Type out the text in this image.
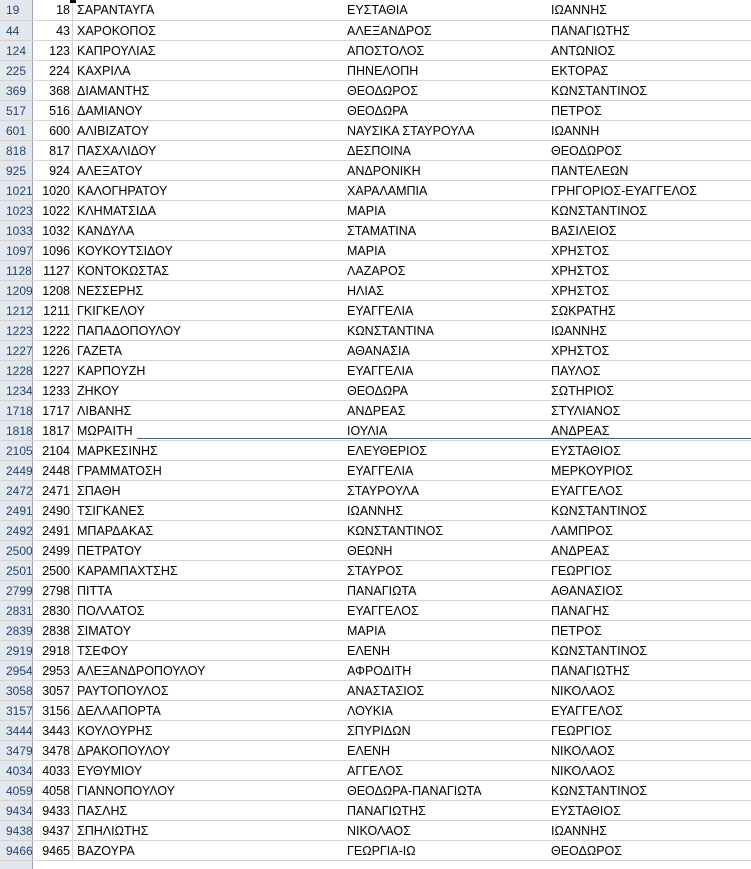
19	18 ΣΑΡΑΝΤΑΥΓΑ	ΕΥΣΤΑΘΙΑ	ΙΩΑΝΝΗΣ
44	43 ΧΑΡΟΚΟΠΟΣ	ΑΛΕΞΑΝΔΡΟΣ	ΠΑΝΑΓΙΩΤΗΣ
124	123 ΚΑΠΡΟΥΛΙΑΣ	ΑΠΟΣΤΟΛΟΣ	ΑΝΤΩΝΙΟΣ
225	224 ΚΑΧΡΙΛΑ	ΠΗΝΕΛΟΠΗ	ΕΚΤΟΡΑΣ
369	368 ΔΙΑΜΑΝΤΗΣ	ΘΕΟΔΩΡΟΣ	ΚΩΝΣΤΑΝΤΙΝΟΣ
517	516 ΔΑΜΙΑΝΟΥ	ΘΕΟΔΩΡΑ	ΠΕΤΡΟΣ
601	600 ΑΛΙΒΙΖΑΤΟΥ	ΝΑΥΣΙΚΑ ΣΤΑΥΡΟΥΛΑ	ΙΩΑΝΝΗ
818	817 ΠΑΣΧΑΛΙΔΟΥ	ΔΕΣΠΟΙΝΑ	ΘΕΟΔΩΡΟΣ
925	924 ΑΛΕΞΑΤΟΥ	ΑΝΔΡΟΝΙΚΗ	ΠΑΝΤΕΛΕΩΝ
1021 1020 ΚΑΛΟΓΗΡΑΤΟΥ	ΧΑΡΑΛΑΜΠΙΑ	ΓΡΗΓΟΡΙΟΣ-ΕΥΑΓΓΕΛΟΣ
1023 1022 ΚΛΗΜΑΤΣΙΔΑ	ΜΑΡΙΑ	ΚΩΝΣΤΑΝΤΙΝΟΣ
1033 1032 ΚΑΝΔΥΛΑ	ΣΤΑΜΑΤΙΝΑ	ΒΑΣΙΛΕΙΟΣ
1097 1096 ΚΟΥΚΟΥΤΣΙΔΟΥ	ΜΑΡΙΑ	ΧΡΗΣΤΟΣ
1128 1127 ΚΟΝΤΟΚΩΣΤΑΣ	ΛΑΖΑΡΟΣ	ΧΡΗΣΤΟΣ
1209 1208 ΝΕΣΣΕΡΗΣ	ΗΛΙΑΣ	ΧΡΗΣΤΟΣ
1212 1211 ΓΚΙΓΚΕΛΟΥ	ΕΥΑΓΓΕΛΙΑ	ΣΩΚΡΑΤΗΣ
1223 1222 ΠΑΠΑΔΟΠΟΥΛΟΥ	ΚΩΝΣΤΑΝΤΙΝΑ	ΙΩΑΝΝΗΣ
1227 1226 ΓΑΖΕΤΑ	ΑΘΑΝΑΣΙΑ	ΧΡΗΣΤΟΣ
1228 1227 ΚΑΡΠΟΥΖΗ	ΕΥΑΓΓΕΛΙΑ	ΠΑΥΛΟΣ
1234 1233 ΖΗΚΟΥ	ΘΕΟΔΩΡΑ	ΣΩΤΗΡΙΟΣ
1718 1717 ΛΙΒΑΝΗΣ	ΑΝΔΡΕΑΣ	ΣΤΥΛΙΑΝΟΣ
1818 1817 ΜΩΡΑΙΤΗ	ΙΟΥΛΙΑ	ΑΝΔΡΕΑΣ
2105 2104 ΜΑΡΚΕΣΙΝΗΣ	ΕΛΕΥΘΕΡΙΟΣ	ΕΥΣΤΑΘΙΟΣ
2449 2448 ΓΡΑΜΜΑΤΟΣΗ	ΕΥΑΓΓΕΛΙΑ	ΜΕΡΚΟΥΡΙΟΣ
2472 2471 ΣΠΑΘΗ	ΣΤΑΥΡΟΥΛΑ	ΕΥΑΓΓΕΛΟΣ
2491 2490 ΤΣΙΓΚΑΝΕΣ	ΙΩΑΝΝΗΣ	ΚΩΝΣΤΑΝΤΙΝΟΣ
2492 2491 ΜΠΑΡΔΑΚΑΣ	ΚΩΝΣΤΑΝΤΙΝΟΣ	ΛΑΜΠΡΟΣ
2500 2499 ΠΕΤΡΑΤΟΥ	ΘΕΩΝΗ	ΑΝΔΡΕΑΣ
2501 2500 ΚΑΡΑΜΠΑΧΤΣΗΣ	ΣΤΑΥΡΟΣ	ΓΕΩΡΓΙΟΣ
2799 2798 ΠΙΤΤΑ	ΠΑΝΑΓΙΩΤΑ	ΑΘΑΝΑΣΙΟΣ
2831 2830 ΠΟΛΛΑΤΟΣ	ΕΥΑΓΓΕΛΟΣ	ΠΑΝΑΓΗΣ
2839 2838 ΣΙΜΑΤΟΥ	ΜΑΡΙΑ	ΠΕΤΡΟΣ
2919 2918 ΤΣΕΦΟΥ	ΕΛΕΝΗ	ΚΩΝΣΤΑΝΤΙΝΟΣ
2954 2953 ΑΛΕΞΑΝΔΡΟΠΟΥΛΟΥ	ΑΦΡΟΔΙΤΗ	ΠΑΝΑΓΙΩΤΗΣ
3058 3057 ΡΑΥΤΟΠΟΥΛΟΣ	ΑΝΑΣΤΑΣΙΟΣ	ΝΙΚΟΛΑΟΣ
3157 3156 ΔΕΛΛΑΠΟΡΤΑ	ΛΟΥΚΙΑ	ΕΥΑΓΓΕΛΟΣ
3444 3443 ΚΟΥΛΟΥΡΗΣ	ΣΠΥΡΙΔΩΝ	ΓΕΩΡΓΙΟΣ
3479 3478 ΔΡΑΚΟΠΟΥΛΟΥ	ΕΛΕΝΗ	ΝΙΚΟΛΑΟΣ
4034 4033 ΕΥΘΥΜΙΟΥ	ΑΓΓΕΛΟΣ	ΝΙΚΟΛΑΟΣ
4059 4058 ΓΙΑΝΝΟΠΟΥΛΟΥ	ΘΕΟΔΩΡΑ-ΠΑΝΑΓΙΩΤΑ	ΚΩΝΣΤΑΝΤΙΝΟΣ
9434 9433 ΠΑΣΛΗΣ	ΠΑΝΑΓΙΩΤΗΣ	ΕΥΣΤΑΘΙΟΣ
9438 9437 ΣΠΗΛΙΩΤΗΣ	ΝΙΚΟΛΑΟΣ	ΙΩΑΝΝΗΣ
9466 9465 ΒΑΖΟΥΡΑ	ΓΕΩΡΓΙΑ-ΙΩ	ΘΕΟΔΩΡΟΣ
